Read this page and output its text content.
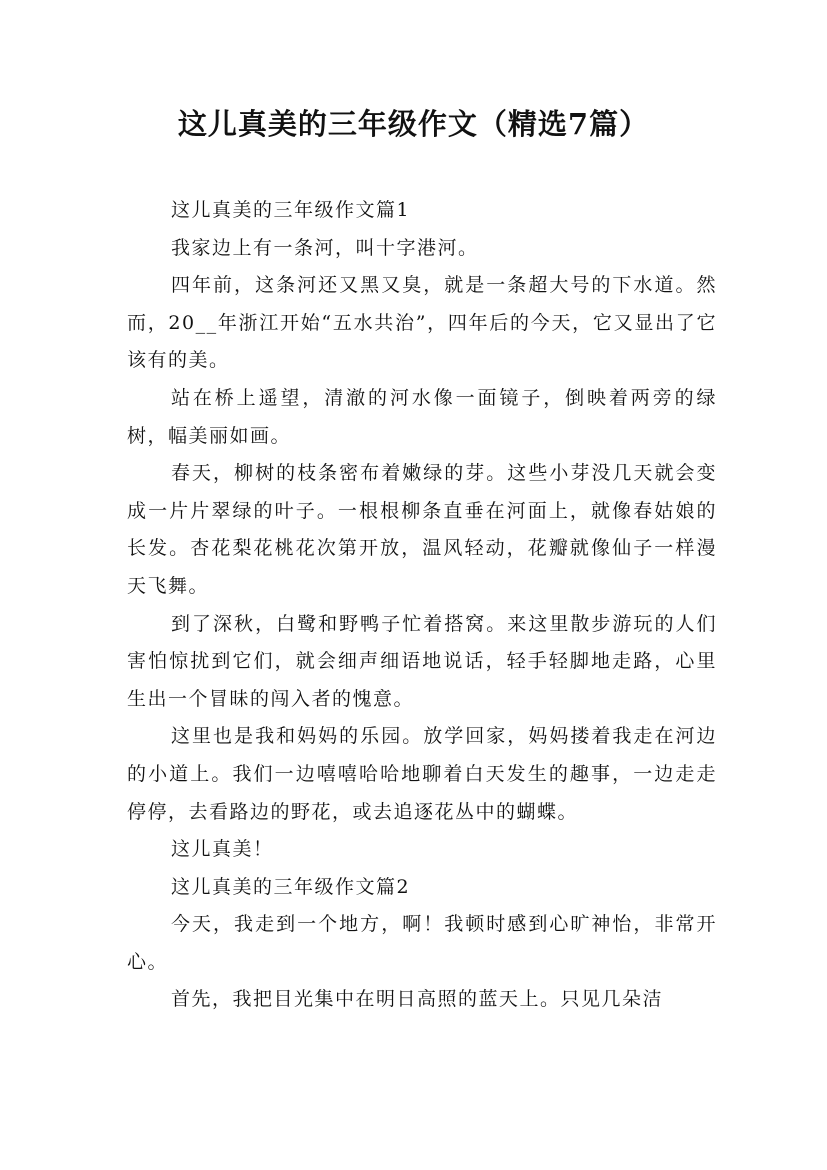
这儿真美的三年级作文（精选7篇）

这儿真美的三年级作文篇1

我家边上有一条河，叫十字港河。

四年前，这条河还又黑又臭，就是一条超大号的下水道。然而，20__年浙江开始“五水共治”，四年后的今天，它又显出了它该有的美。

站在桥上遥望，清澈的河水像一面镜子，倒映着两旁的绿树，幅美丽如画。

春天，柳树的枝条密布着嫩绿的芽。这些小芽没几天就会变成一片片翠绿的叶子。一根根柳条直垂在河面上，就像春姑娘的长发。杏花梨花桃花次第开放，温风轻动，花瓣就像仙子一样漫天飞舞。

到了深秋，白鹭和野鸭子忙着搭窝。来这里散步游玩的人们害怕惊扰到它们，就会细声细语地说话，轻手轻脚地走路，心里生出一个冒昧的闯入者的愧意。

这里也是我和妈妈的乐园。放学回家，妈妈搂着我走在河边的小道上。我们一边嘻嘻哈哈地聊着白天发生的趣事，一边走走停停，去看路边的野花，或去追逐花丛中的蝴蝶。

这儿真美！

这儿真美的三年级作文篇2

今天，我走到一个地方，啊！我顿时感到心旷神怡，非常开心。

首先，我把目光集中在明日高照的蓝天上。只见几朵洁
